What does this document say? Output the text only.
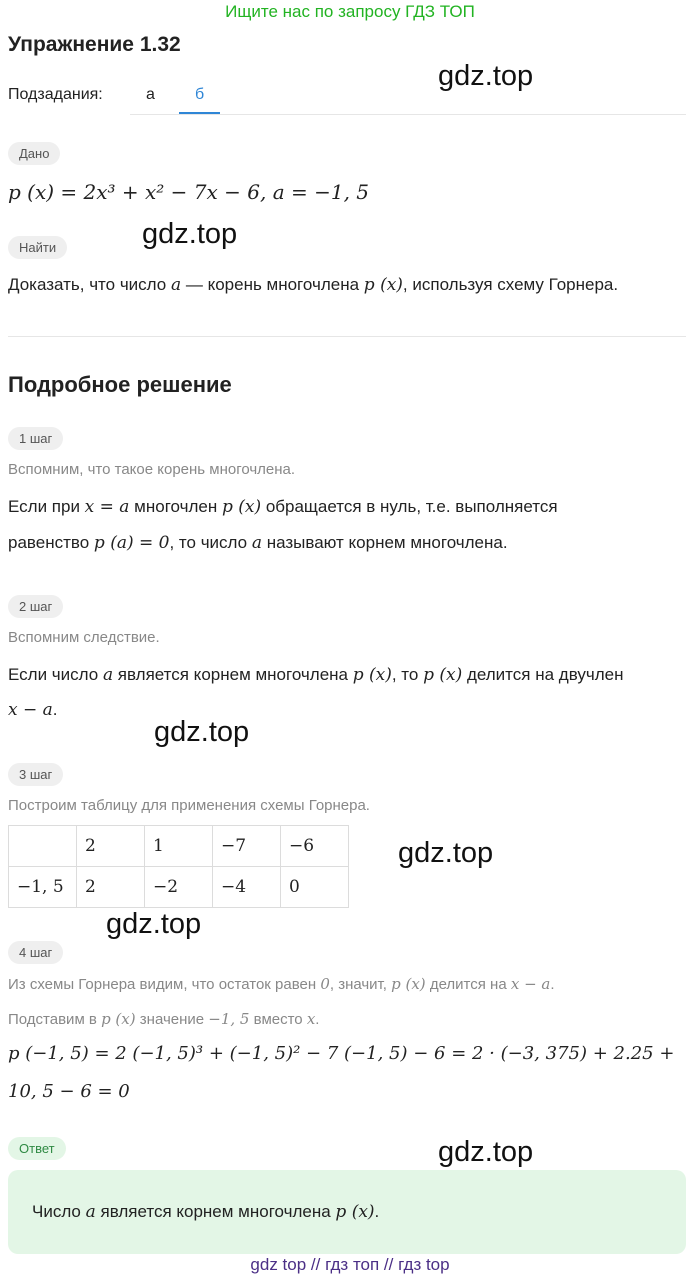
Ищите нас по запросу ГДЗ ТОП
Упражнение 1.32
gdz.top
gdz.top
gdz.top
gdz.top
gdz.top
gdz.top
Подзадания:	а	б
Дано
p (x) = 2x³ + x² − 7x − 6, a = −1, 5
Найти
Доказать, что число a — корень многочлена p (x), используя схему Горнера.
Подробное решение
1 шаг
Вспомним, что такое корень многочлена.
Если при x = a многочлен p (x) обращается в нуль, т.е. выполняется
равенство p (a) = 0, то число a называют корнем многочлена.
2 шаг
Вспомним следствие.
Если число a является корнем многочлена p (x), то p (x) делится на двучлен
x − a.
3 шаг
Построим таблицу для применения схемы Горнера.
	2	1	−7	−6
−1, 5	2	−2	−4	0
4 шаг
Из схемы Горнера видим, что остаток равен 0, значит, p (x) делится на x − a.
Подставим в p (x) значение −1, 5 вместо x.
p (−1, 5) = 2 (−1, 5)³ + (−1, 5)² − 7 (−1, 5) − 6 = 2 · (−3, 375) + 2.25 +
10, 5 − 6 = 0
Ответ
Число a является корнем многочлена p (x).
gdz top // гдз топ // гдз top
